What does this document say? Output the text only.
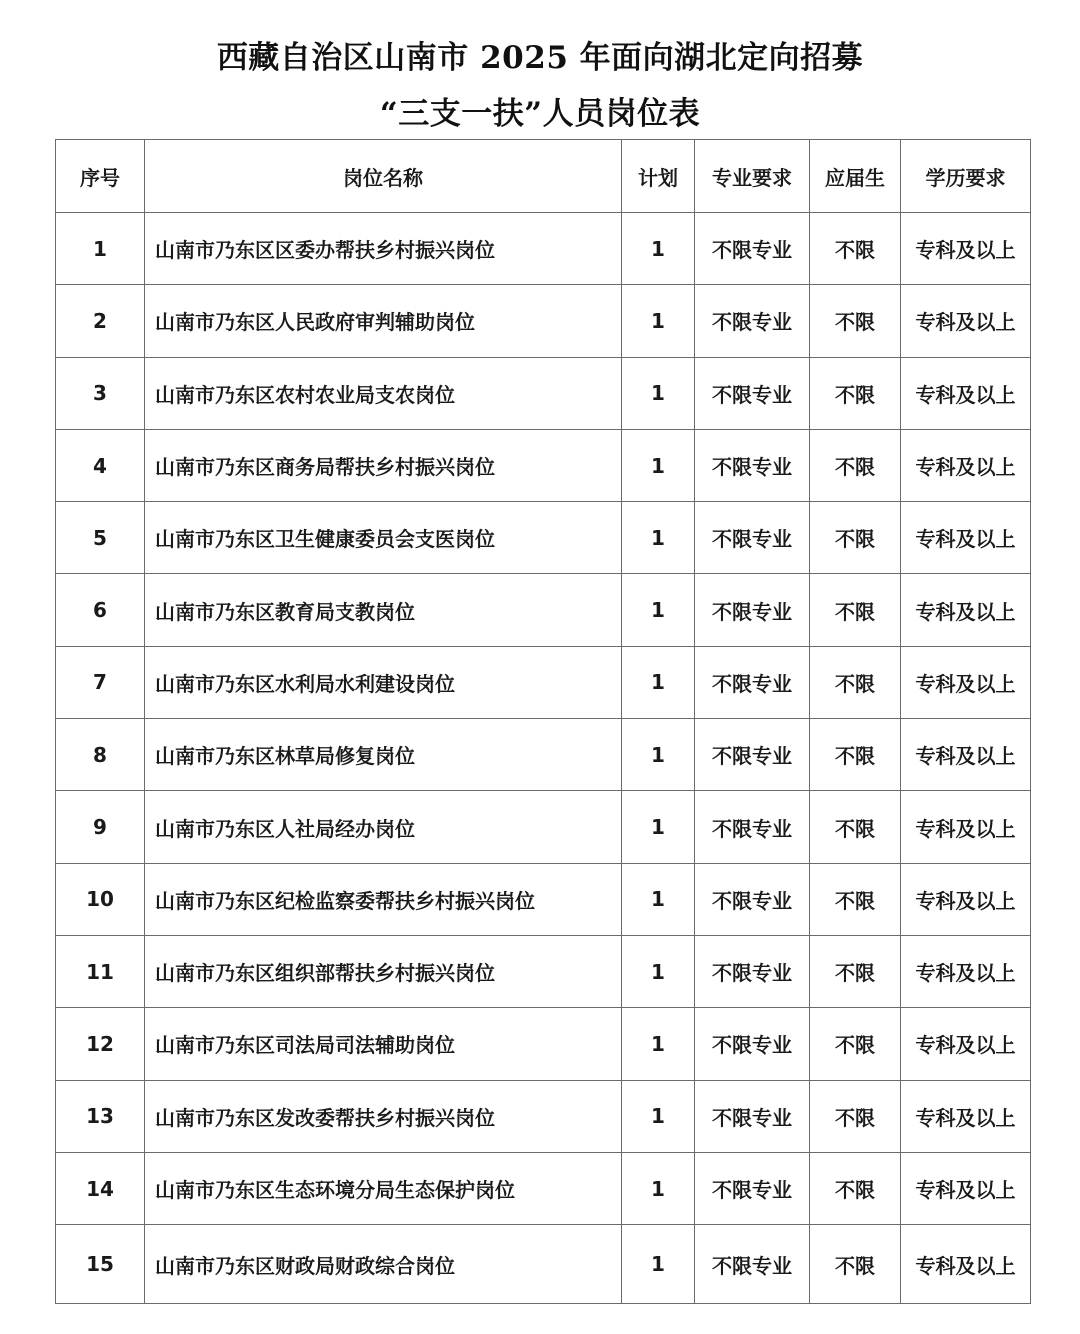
西藏自治区山南市 2025 年面向湖北定向招募
“三支一扶”人员岗位表
序号	岗位名称	计划	专业要求	应届生	学历要求
1	山南市乃东区区委办帮扶乡村振兴岗位	1	不限专业	不限	专科及以上
2	山南市乃东区人民政府审判辅助岗位	1	不限专业	不限	专科及以上
3	山南市乃东区农村农业局支农岗位	1	不限专业	不限	专科及以上
4	山南市乃东区商务局帮扶乡村振兴岗位	1	不限专业	不限	专科及以上
5	山南市乃东区卫生健康委员会支医岗位	1	不限专业	不限	专科及以上
6	山南市乃东区教育局支教岗位	1	不限专业	不限	专科及以上
7	山南市乃东区水利局水利建设岗位	1	不限专业	不限	专科及以上
8	山南市乃东区林草局修复岗位	1	不限专业	不限	专科及以上
9	山南市乃东区人社局经办岗位	1	不限专业	不限	专科及以上
10	山南市乃东区纪检监察委帮扶乡村振兴岗位	1	不限专业	不限	专科及以上
11	山南市乃东区组织部帮扶乡村振兴岗位	1	不限专业	不限	专科及以上
12	山南市乃东区司法局司法辅助岗位	1	不限专业	不限	专科及以上
13	山南市乃东区发改委帮扶乡村振兴岗位	1	不限专业	不限	专科及以上
14	山南市乃东区生态环境分局生态保护岗位	1	不限专业	不限	专科及以上
15	山南市乃东区财政局财政综合岗位	1	不限专业	不限	专科及以上
